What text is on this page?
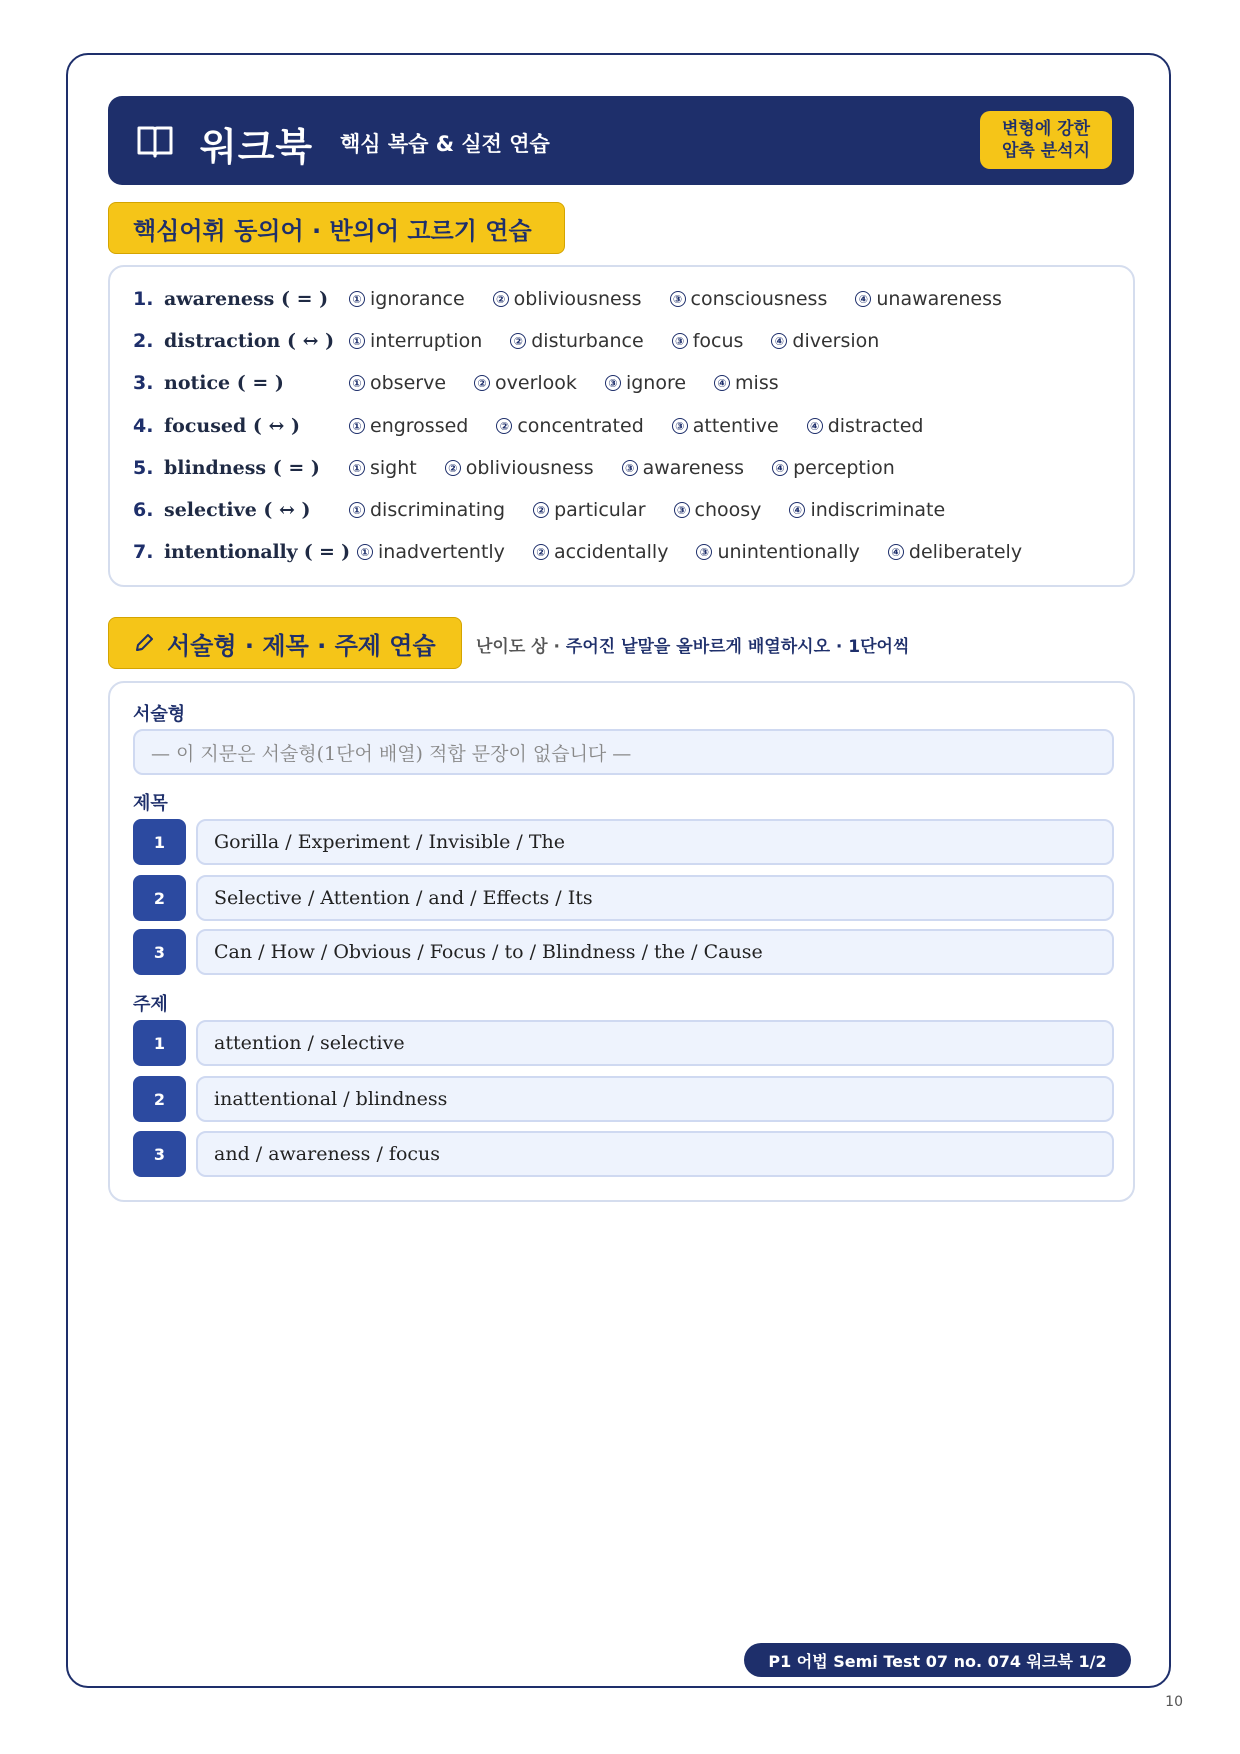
10
워크북 핵심 복습 & 실전 연습
변형에 강한
압축 분석지
핵심어휘 동의어 · 반의어 고르기 연습
1. awareness ( = )	① ignorance	② obliviousness	③ consciousness	④ unawareness
2. distraction ( ↔ )	① interruption	② disturbance	③ focus	④ diversion
3. notice ( = )	① observe	② overlook	③ ignore	④ miss
4. focused ( ↔ )	① engrossed	② concentrated	③ attentive	④ distracted
5. blindness ( = )	① sight	② obliviousness	③ awareness	④ perception
6. selective ( ↔ )	① discriminating	② particular	③ choosy	④ indiscriminate
7. intentionally ( = ) ① inadvertently	② accidentally	③ unintentionally	④ deliberately
서술형 · 제목 · 주제 연습 난이도 상 · 주어진 낱말을 올바르게 배열하시오 · 1단어씩
서술형
— 이 지문은 서술형(1단어 배열) 적합 문장이 없습니다 —
제목
1	Gorilla / Experiment / Invisible / The
2	Selective / Attention / and / Effects / Its
3	Can / How / Obvious / Focus / to / Blindness / the / Cause
주제
1	attention / selective
2	inattentional / blindness
3	and / awareness / focus
P1 어법 Semi Test 07 no. 074 워크북 1/2
